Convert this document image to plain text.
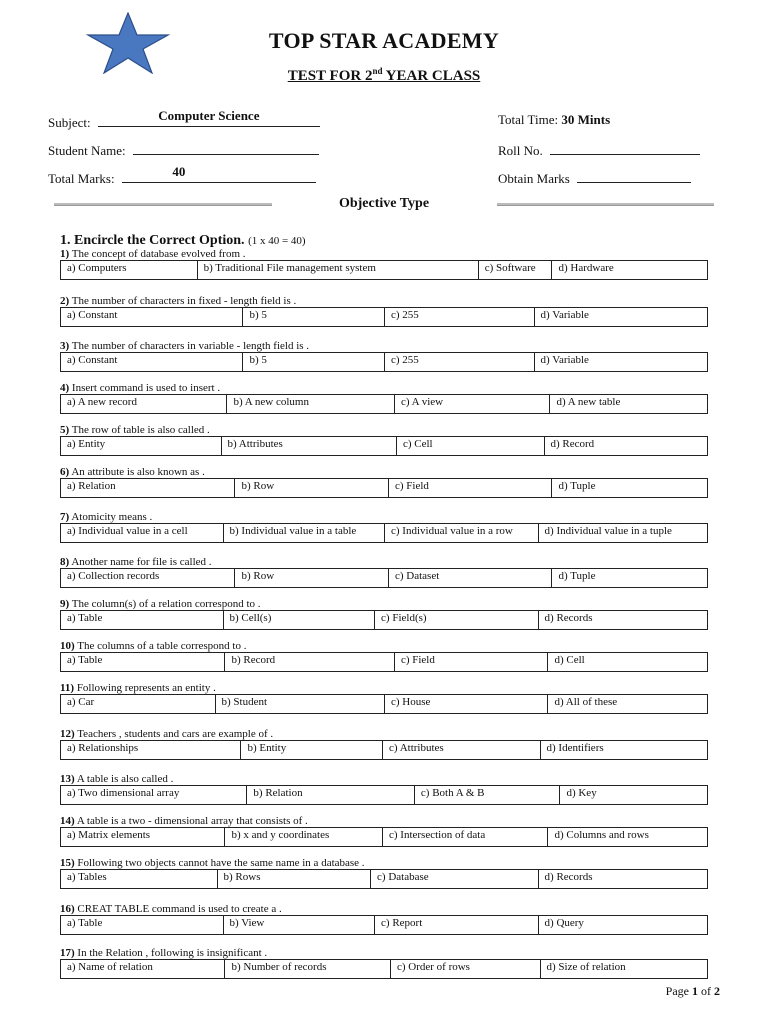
TOP STAR ACADEMY
TEST FOR 2nd YEAR CLASS
Subject:	Computer Science
Student Name:
Total Marks:	40
Total Time: 30 Mints
Roll No.
Obtain Marks
Objective Type
1. Encircle the Correct Option. (1 x 40 = 40)
1) The concept of database evolved from .
a) Computers	b) Traditional File management system	c) Software	d) Hardware
2) The number of characters in fixed - length field is .
a) Constant	b) 5	c) 255	d) Variable
3) The number of characters in variable - length field is .
a) Constant	b) 5	c) 255	d) Variable
4) Insert command is used to insert .
a) A new record	b) A new column	c) A view	d) A new table
5) The row of table is also called .
a) Entity	b) Attributes	c) Cell	d) Record
6) An attribute is also known as .
a) Relation	b) Row	c) Field	d) Tuple
7) Atomicity means .
a) Individual value in a cell	b) Individual value in a table	c) Individual value in a row	d) Individual value in a tuple
8) Another name for file is called .
a) Collection records	b) Row	c) Dataset	d) Tuple
9) The column(s) of a relation correspond to .
a) Table	b) Cell(s)	c) Field(s)	d) Records
10) The columns of a table correspond to .
a) Table	b) Record	c) Field	d) Cell
11) Following represents an entity .
a) Car	b) Student	c) House	d) All of these
12) Teachers , students and cars are example of .
a) Relationships	b) Entity	c) Attributes	d) Identifiers
13) A table is also called .
a) Two dimensional array	b) Relation	c) Both A & B	d) Key
14) A table is a two - dimensional array that consists of .
a) Matrix elements	b) x and y coordinates	c) Intersection of data	d) Columns and rows
15) Following two objects cannot have the same name in a database .
a) Tables	b) Rows	c) Database	d) Records
16) CREAT TABLE command is used to create a .
a) Table	b) View	c) Report	d) Query
17) In the Relation , following is insignificant .
a) Name of relation	b) Number of records	c) Order of rows	d) Size of relation
Page 1 of 2
